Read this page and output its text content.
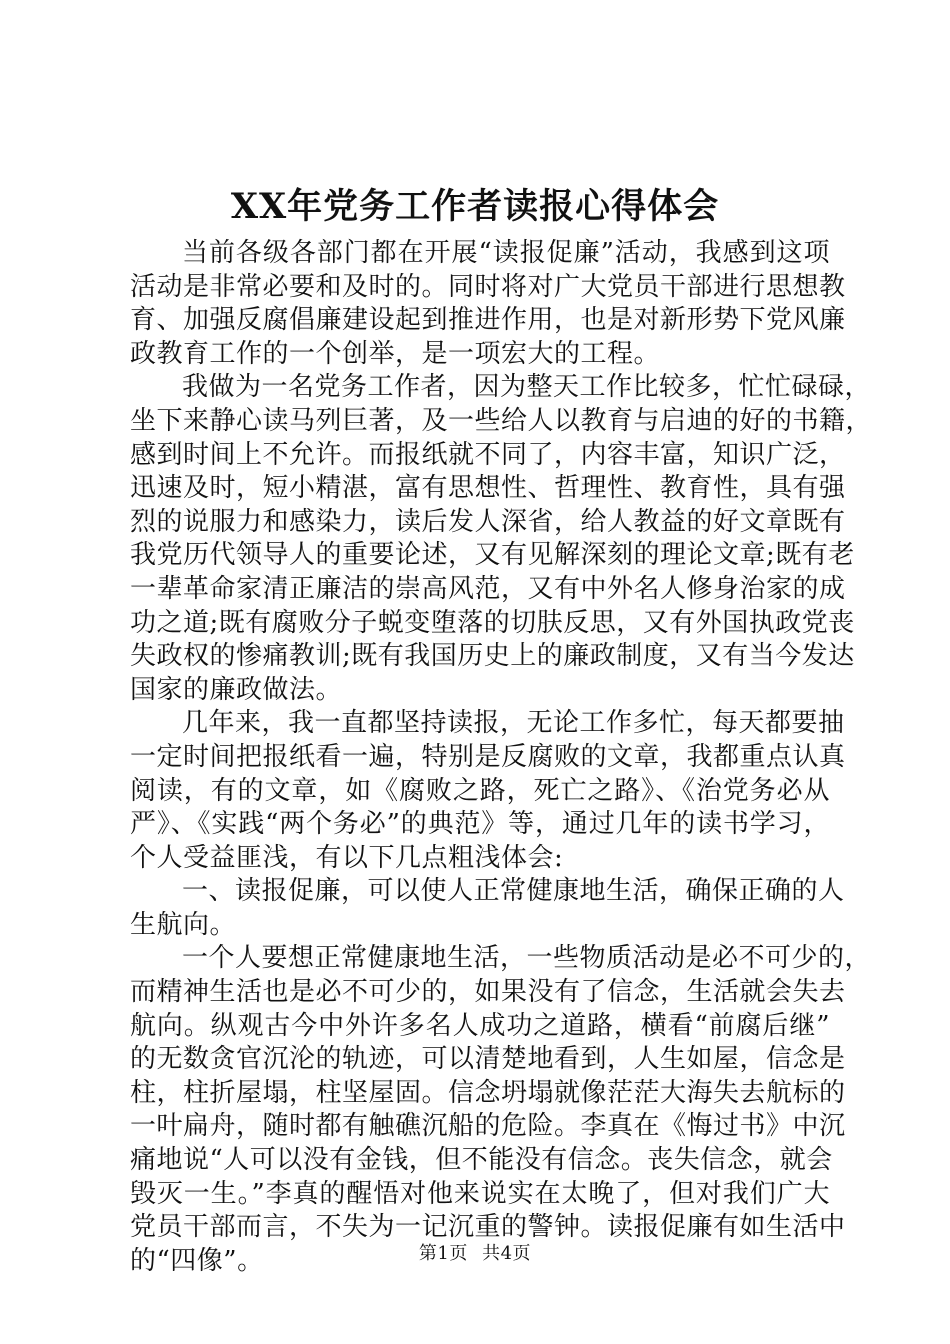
XX年党务工作者读报心得体会

当前各级各部门都在开展“读报促廉”活动，我感到这项
活动是非常必要和及时的。同时将对广大党员干部进行思想教
育、加强反腐倡廉建设起到推进作用，也是对新形势下党风廉
政教育工作的一个创举，是一项宏大的工程。

我做为一名党务工作者，因为整天工作比较多，忙忙碌碌，
坐下来静心读马列巨著，及一些给人以教育与启迪的好的书籍，
感到时间上不允许。而报纸就不同了，内容丰富，知识广泛，
迅速及时，短小精湛，富有思想性、哲理性、教育性，具有强
烈的说服力和感染力，读后发人深省，给人教益的好文章既有
我党历代领导人的重要论述，又有见解深刻的理论文章;既有老
一辈革命家清正廉洁的崇高风范，又有中外名人修身治家的成
功之道;既有腐败分子蜕变堕落的切肤反思，又有外国执政党丧
失政权的惨痛教训;既有我国历史上的廉政制度，又有当今发达
国家的廉政做法。

几年来，我一直都坚持读报，无论工作多忙，每天都要抽
一定时间把报纸看一遍，特别是反腐败的文章，我都重点认真
阅读，有的文章，如《腐败之路，死亡之路》、《治党务必从
严》、《实践“两个务必”的典范》等，通过几年的读书学习，
个人受益匪浅，有以下几点粗浅体会:

一、读报促廉，可以使人正常健康地生活，确保正确的人
生航向。

一个人要想正常健康地生活，一些物质活动是必不可少的，
而精神生活也是必不可少的，如果没有了信念，生活就会失去
航向。纵观古今中外许多名人成功之道路，横看“前腐后继”
的无数贪官沉沦的轨迹，可以清楚地看到，人生如屋，信念是
柱，柱折屋塌，柱坚屋固。信念坍塌就像茫茫大海失去航标的
一叶扁舟，随时都有触礁沉船的危险。李真在《悔过书》中沉
痛地说“人可以没有金钱，但不能没有信念。丧失信念，就会
毁灭一生。”李真的醒悟对他来说实在太晚了，但对我们广大
党员干部而言，不失为一记沉重的警钟。读报促廉有如生活中
的“四像”。	第1页 共4页
